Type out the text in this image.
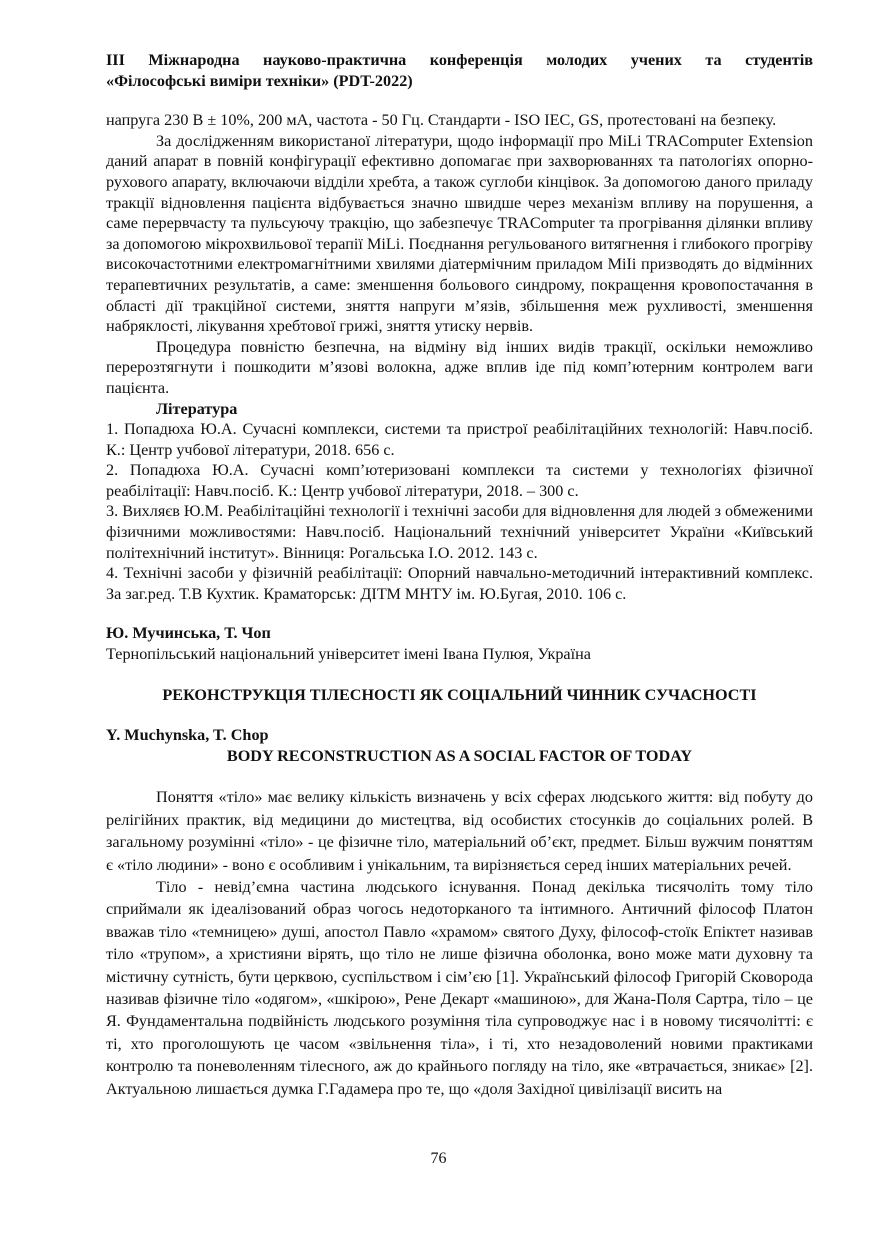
III Міжнародна науково-практична конференція молодих учених та студентів
«Філософські виміри техніки» (PDT-2022)

напруга 230 В ± 10%, 200 мА, частота - 50 Гц. Стандарти - ISO IEC, GS, протестовані на безпеку.

За дослідженням використаної літератури, щодо інформації про MiLi TRAComputer Extension даний апарат в повній конфігурації ефективно допомагає при захворюваннях та патологіях опорно-рухового апарату, включаючи відділи хребта, а також суглоби кінцівок. За допомогою даного приладу тракції відновлення пацієнта відбувається значно швидше через механізм впливу на порушення, а саме перервчасту та пульсуючу тракцію, що забезпечує TRAComputer та прогрівання ділянки впливу за допомогою мікрохвильової терапії MiLi. Поєднання регульованого витягнення і глибокого прогріву високочастотними електромагнітними хвилями діатермічним приладом MiIi призводять до відмінних терапевтичних результатів, а саме: зменшення больового синдрому, покращення кровопостачання в області дії тракційної системи, зняття напруги м’язів, збільшення меж рухливості, зменшення набряклості, лікування хребтової грижі, зняття утиску нервів.

Процедура повністю безпечна, на відміну від інших видів тракції, оскільки неможливо перерозтягнути і пошкодити м’язові волокна, адже вплив іде під комп’ютерним контролем ваги пацієнта.

Література

1. Попадюха Ю.А. Сучасні комплекси, системи та пристрої реабілітаційних технологій: Навч.посіб. К.: Центр учбової літератури, 2018. 656 с.

2. Попадюха Ю.А. Сучасні комп’ютеризовані комплекси та системи у технологіях фізичної реабілітації: Навч.посіб. К.: Центр учбової літератури, 2018. – 300 с.

3. Вихляєв Ю.М. Реабілітаційні технології і технічні засоби для відновлення для людей з обмеженими фізичними можливостями: Навч.посіб. Національний технічний університет України «Київський політехнічний інститут». Вінниця: Рогальська І.О. 2012. 143 с.

4. Технічні засоби у фізичній реабілітації: Опорний навчально-методичний інтерактивний комплекс. За заг.ред. Т.В Кухтик. Краматорськ: ДІТМ МНТУ ім. Ю.Бугая, 2010. 106 с.

Ю. Мучинська, Т. Чоп
Тернопільський національний університет імені Івана Пулюя, Україна
РЕКОНСТРУКЦІЯ ТІЛЕСНОСТІ ЯК СОЦІАЛЬНИЙ ЧИННИК СУЧАСНОСТІ
Y. Muchynska, T. Chop
BODY RECONSTRUCTION AS A SOCIAL FACTOR OF TODAY

Поняття «тіло» має велику кількість визначень у всіх сферах людського життя: від побуту до релігійних практик, від медицини до мистецтва, від особистих стосунків до соціальних ролей. В загальному розумінні «тіло» - це фізичне тіло, матеріальний об’єкт, предмет. Більш вужчим поняттям є «тіло людини» - воно є особливим і унікальним, та вирізняється серед інших матеріальних речей.

Тіло - невід’ємна частина людського існування. Понад декілька тисячоліть тому тіло сприймали як ідеалізований образ чогось недоторканого та інтимного. Античний філософ Платон вважав тіло «темницею» душі, апостол Павло «храмом» святого Духу, філософ-стоїк Епіктет називав тіло «трупом», а християни вірять, що тіло не лише фізична оболонка, воно може мати духовну та містичну сутність, бути церквою, суспільством і сім’єю [1]. Український філософ Григорій Сковорода називав фізичне тіло «одягом», «шкірою», Рене Декарт «машиною», для Жана-Поля Сартра, тіло – це Я. Фундаментальна подвійність людського розуміння тіла супроводжує нас і в новому тисячолітті: є ті, хто проголошують це часом «звільнення тіла», і ті, хто незадоволений новими практиками контролю та поневоленням тілесного, аж до крайнього погляду на тіло, яке «втрачається, зникає» [2]. Актуальною лишається думка Г.Гадамера про те, що «доля Західної цивілізації висить на

76
